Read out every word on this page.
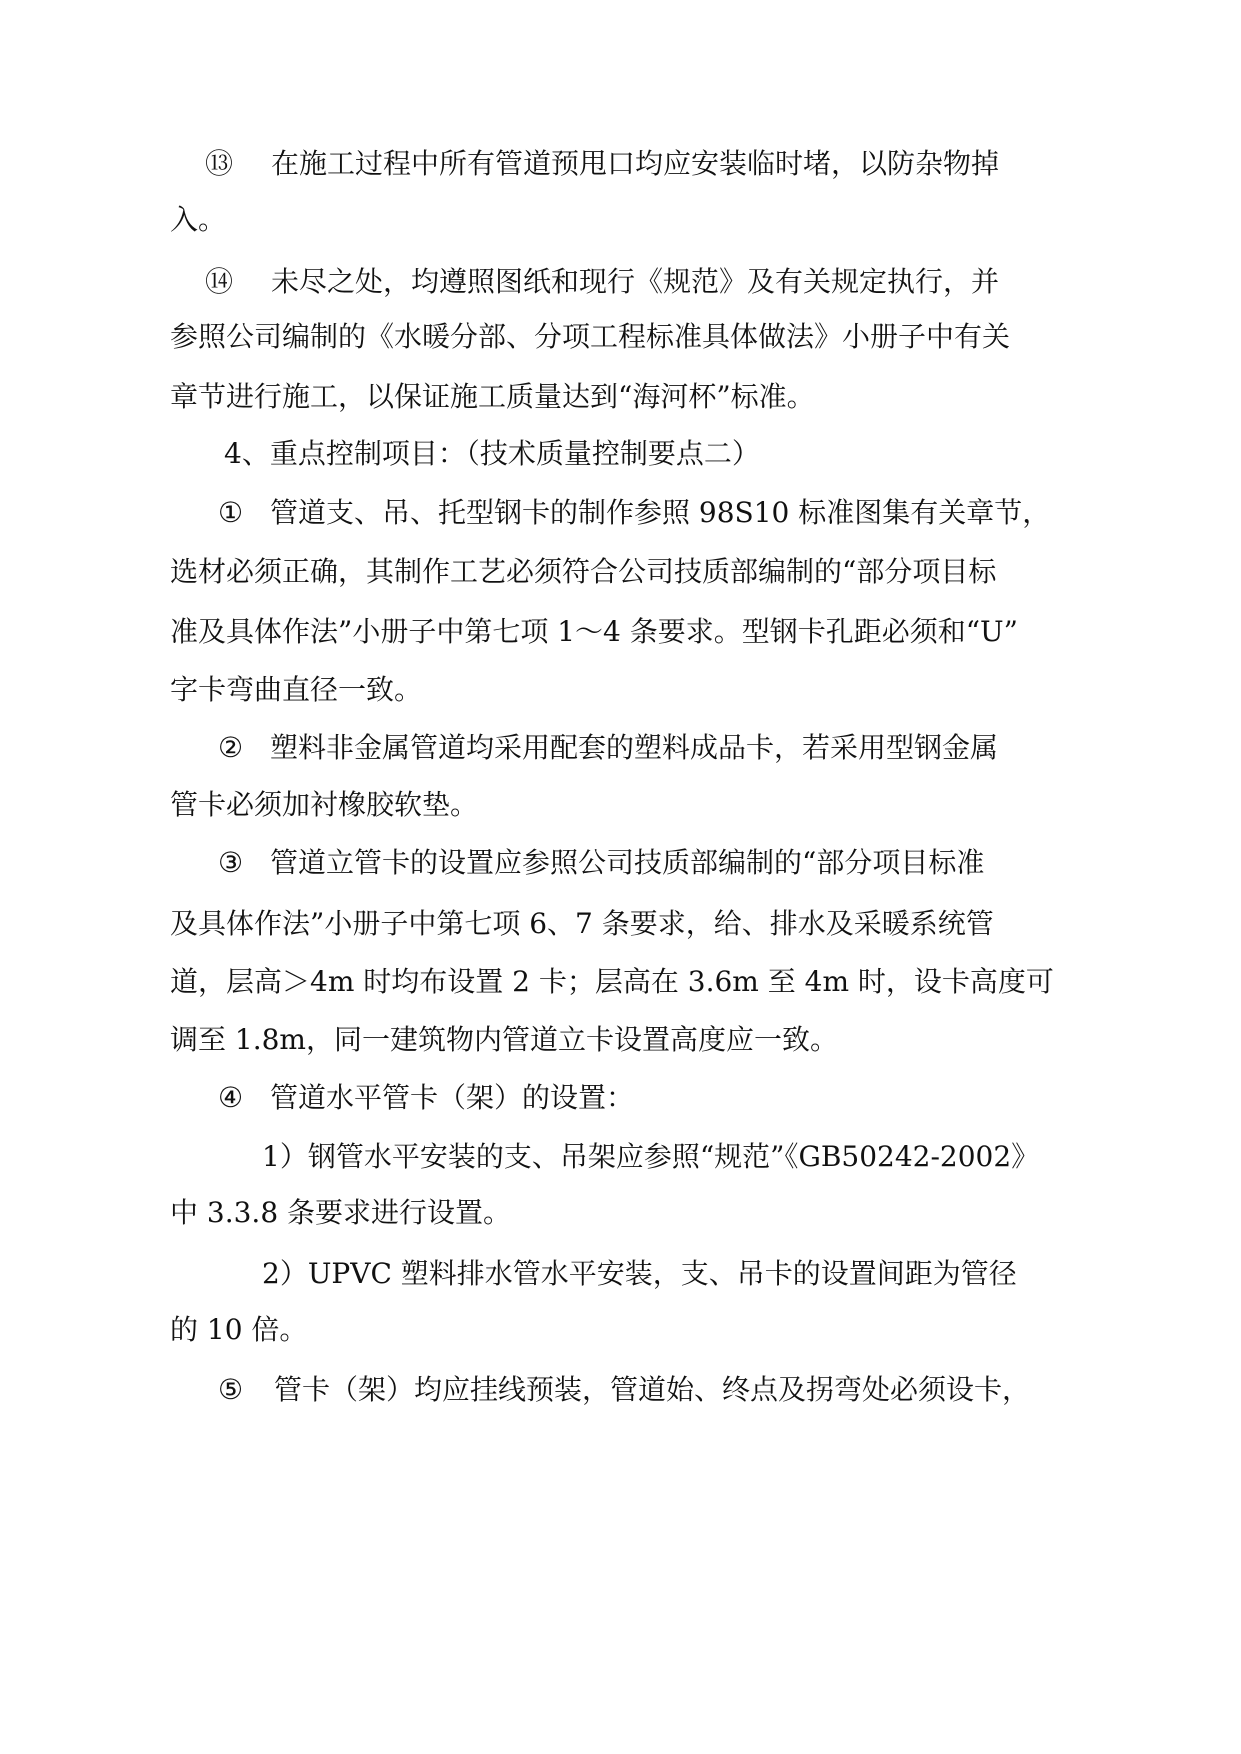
⑬ 在施工过程中所有管道预甩口均应安装临时堵，以防杂物掉
入。
⑭ 未尽之处，均遵照图纸和现行《规范》及有关规定执行，并
参照公司编制的《水暖分部、分项工程标准具体做法》小册子中有关
章节进行施工，以保证施工质量达到“海河杯”标准。
4、重点控制项目：（技术质量控制要点二）
① 管道支、吊、托型钢卡的制作参照 98S10 标准图集有关章节，
选材必须正确，其制作工艺必须符合公司技质部编制的“部分项目标
准及具体作法”小册子中第七项 1～4 条要求。型钢卡孔距必须和“U”
字卡弯曲直径一致。
② 塑料非金属管道均采用配套的塑料成品卡，若采用型钢金属
管卡必须加衬橡胶软垫。
③ 管道立管卡的设置应参照公司技质部编制的“部分项目标准
及具体作法”小册子中第七项 6、7 条要求，给、排水及采暖系统管
道，层高＞4m 时均布设置 2 卡；层高在 3.6m 至 4m 时，设卡高度可
调至 1.8m，同一建筑物内管道立卡设置高度应一致。
④ 管道水平管卡（架）的设置：
1）钢管水平安装的支、吊架应参照“规范”《GB50242-2002》
中 3.3.8 条要求进行设置。
2）UPVC 塑料排水管水平安装，支、吊卡的设置间距为管径
的 10 倍。
⑤ 管卡（架）均应挂线预装，管道始、终点及拐弯处必须设卡，
